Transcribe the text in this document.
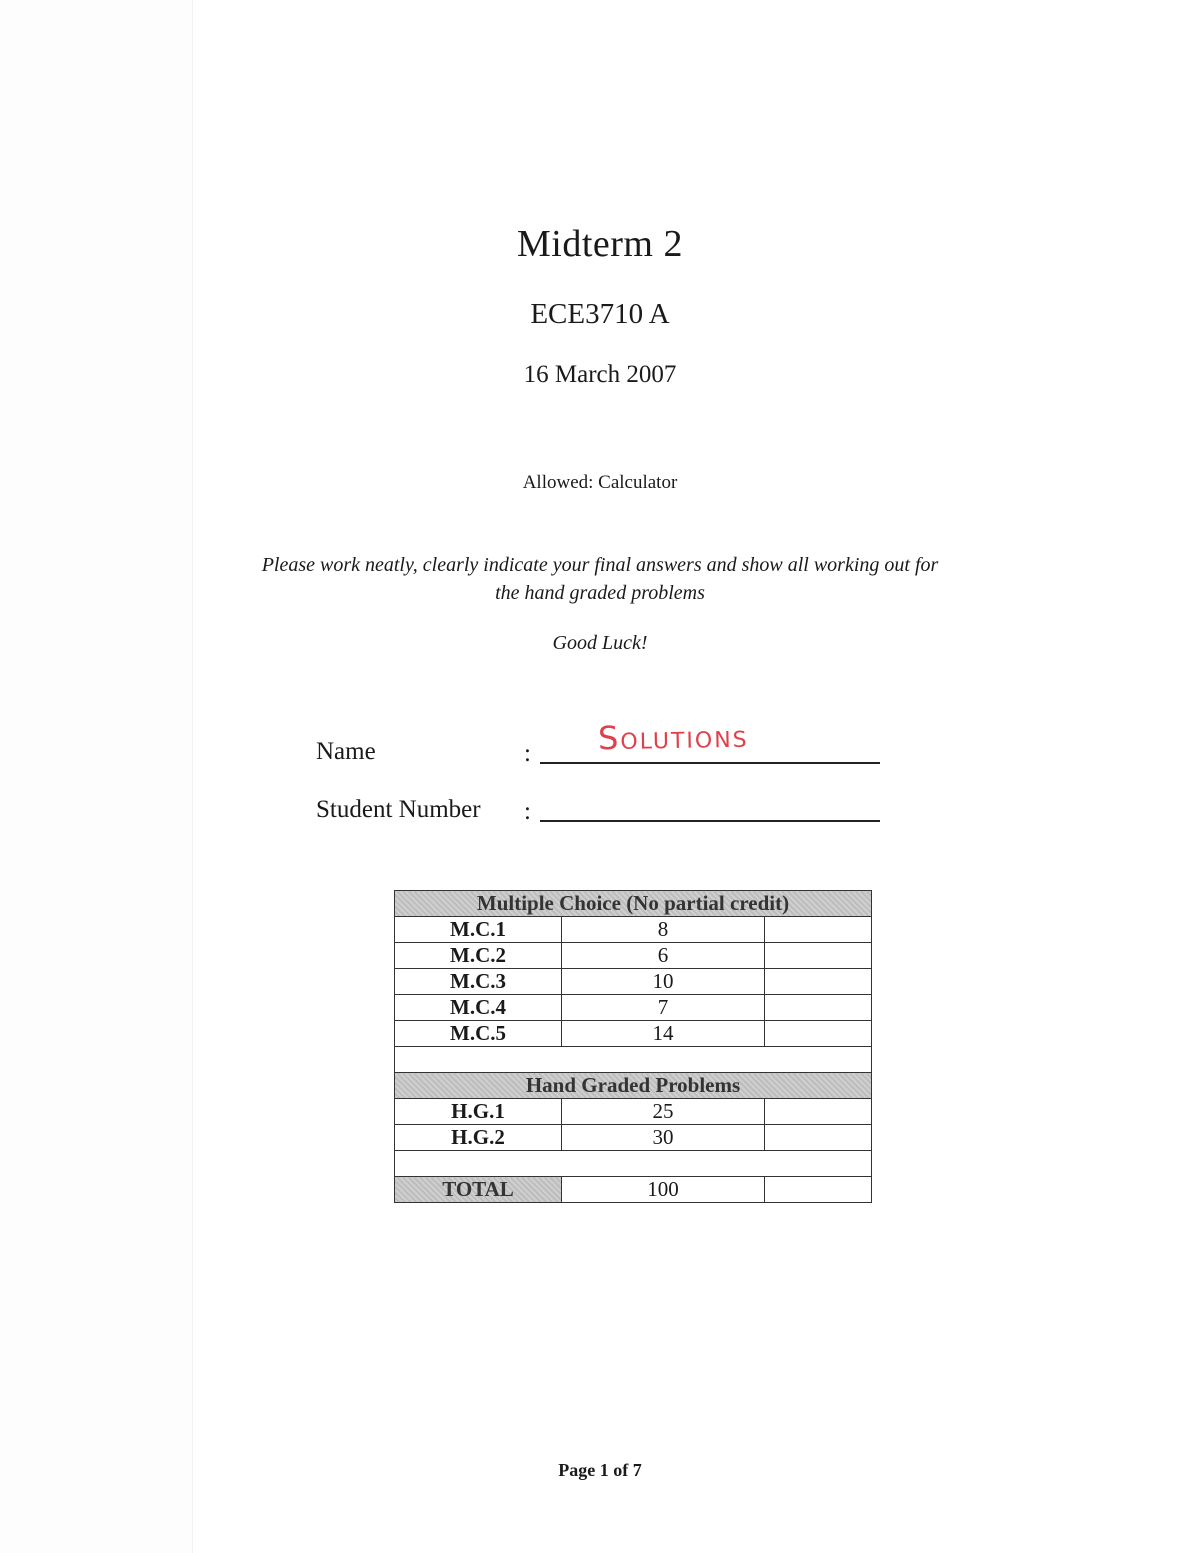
Midterm 2
ECE3710 A
16 March 2007
Allowed: Calculator
Please work neatly, clearly indicate your final answers and show all working out for
the hand graded problems
Good Luck!
Name	: Solutions
Student Number :
Multiple Choice (No partial credit)		
M.C.1	8	
M.C.2	6	
M.C.3	10	
M.C.4	7	
M.C.5	14	

Hand Graded Problems		
H.G.1	25	
H.G.2	30	

TOTAL	100	
Page 1 of 7
